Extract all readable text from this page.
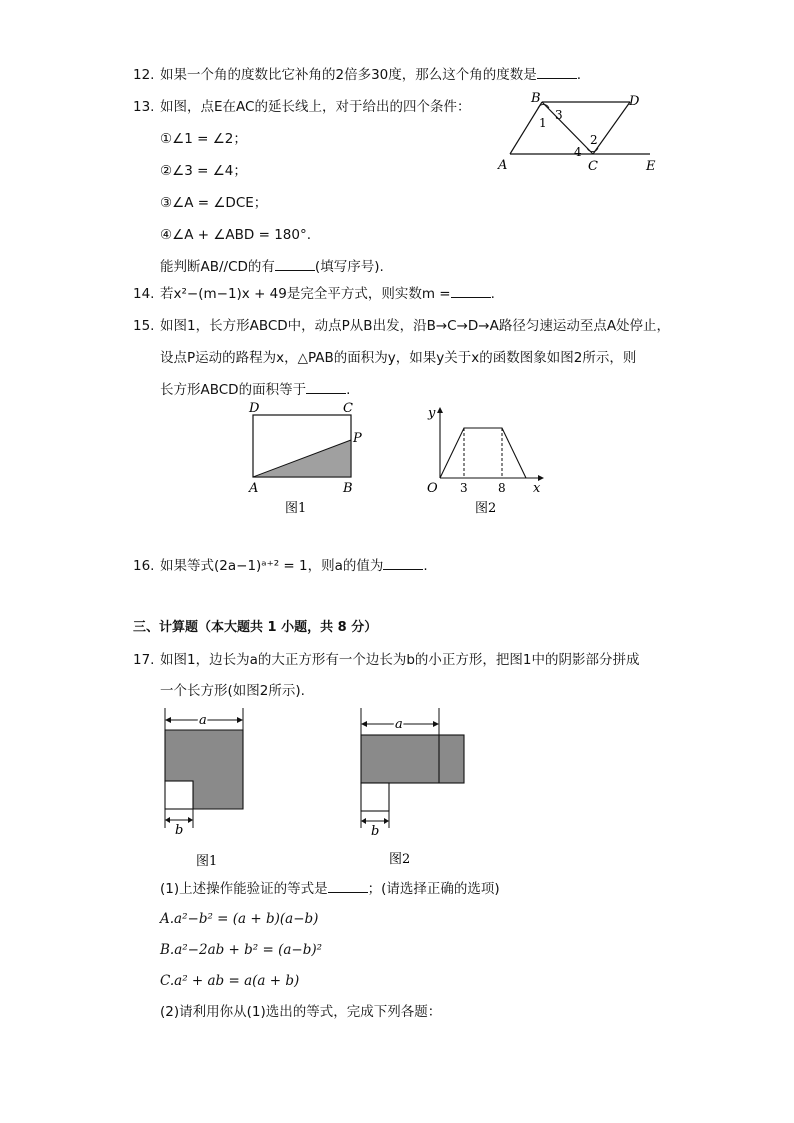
12. 如果一个角的度数比它补角的2倍多30度，那么这个角的度数是	.
13. 如图，点E在AC的延长线上，对于给出的四个条件：
①∠1 = ∠2；
②∠3 = ∠4；
③∠A = ∠DCE；
④∠A + ∠ABD = 180°.
能判断AB//CD的有	(填写序号).
B	D
3
1
2
4
A	C	E
14. 若x²−(m−1)x + 49是完全平方式，则实数m =	.
15. 如图1，长方形ABCD中，动点P从B出发，沿B→C→D→A路径匀速运动至点A处停止，
设点P运动的路程为x，△PAB的面积为y，如果y关于x的函数图象如图2所示，则
长方形ABCD的面积等于	.
D	C
P
A	B
图1
y
O 3	8 x
图2
16. 如果等式(2a−1)ᵃ⁺² = 1，则a的值为	.
三、计算题（本大题共 1 小题，共 8 分）
17. 如图1，边长为a的大正方形有一个边长为b的小正方形，把图1中的阴影部分拼成
一个长方形(如图2所示).
a
b
图1
a
b
图2
(1)上述操作能验证的等式是	；(请选择正确的选项)
A.a²−b² = (a + b)(a−b)
B.a²−2ab + b² = (a−b)²
C.a² + ab = a(a + b)
(2)请利用你从(1)选出的等式，完成下列各题：
